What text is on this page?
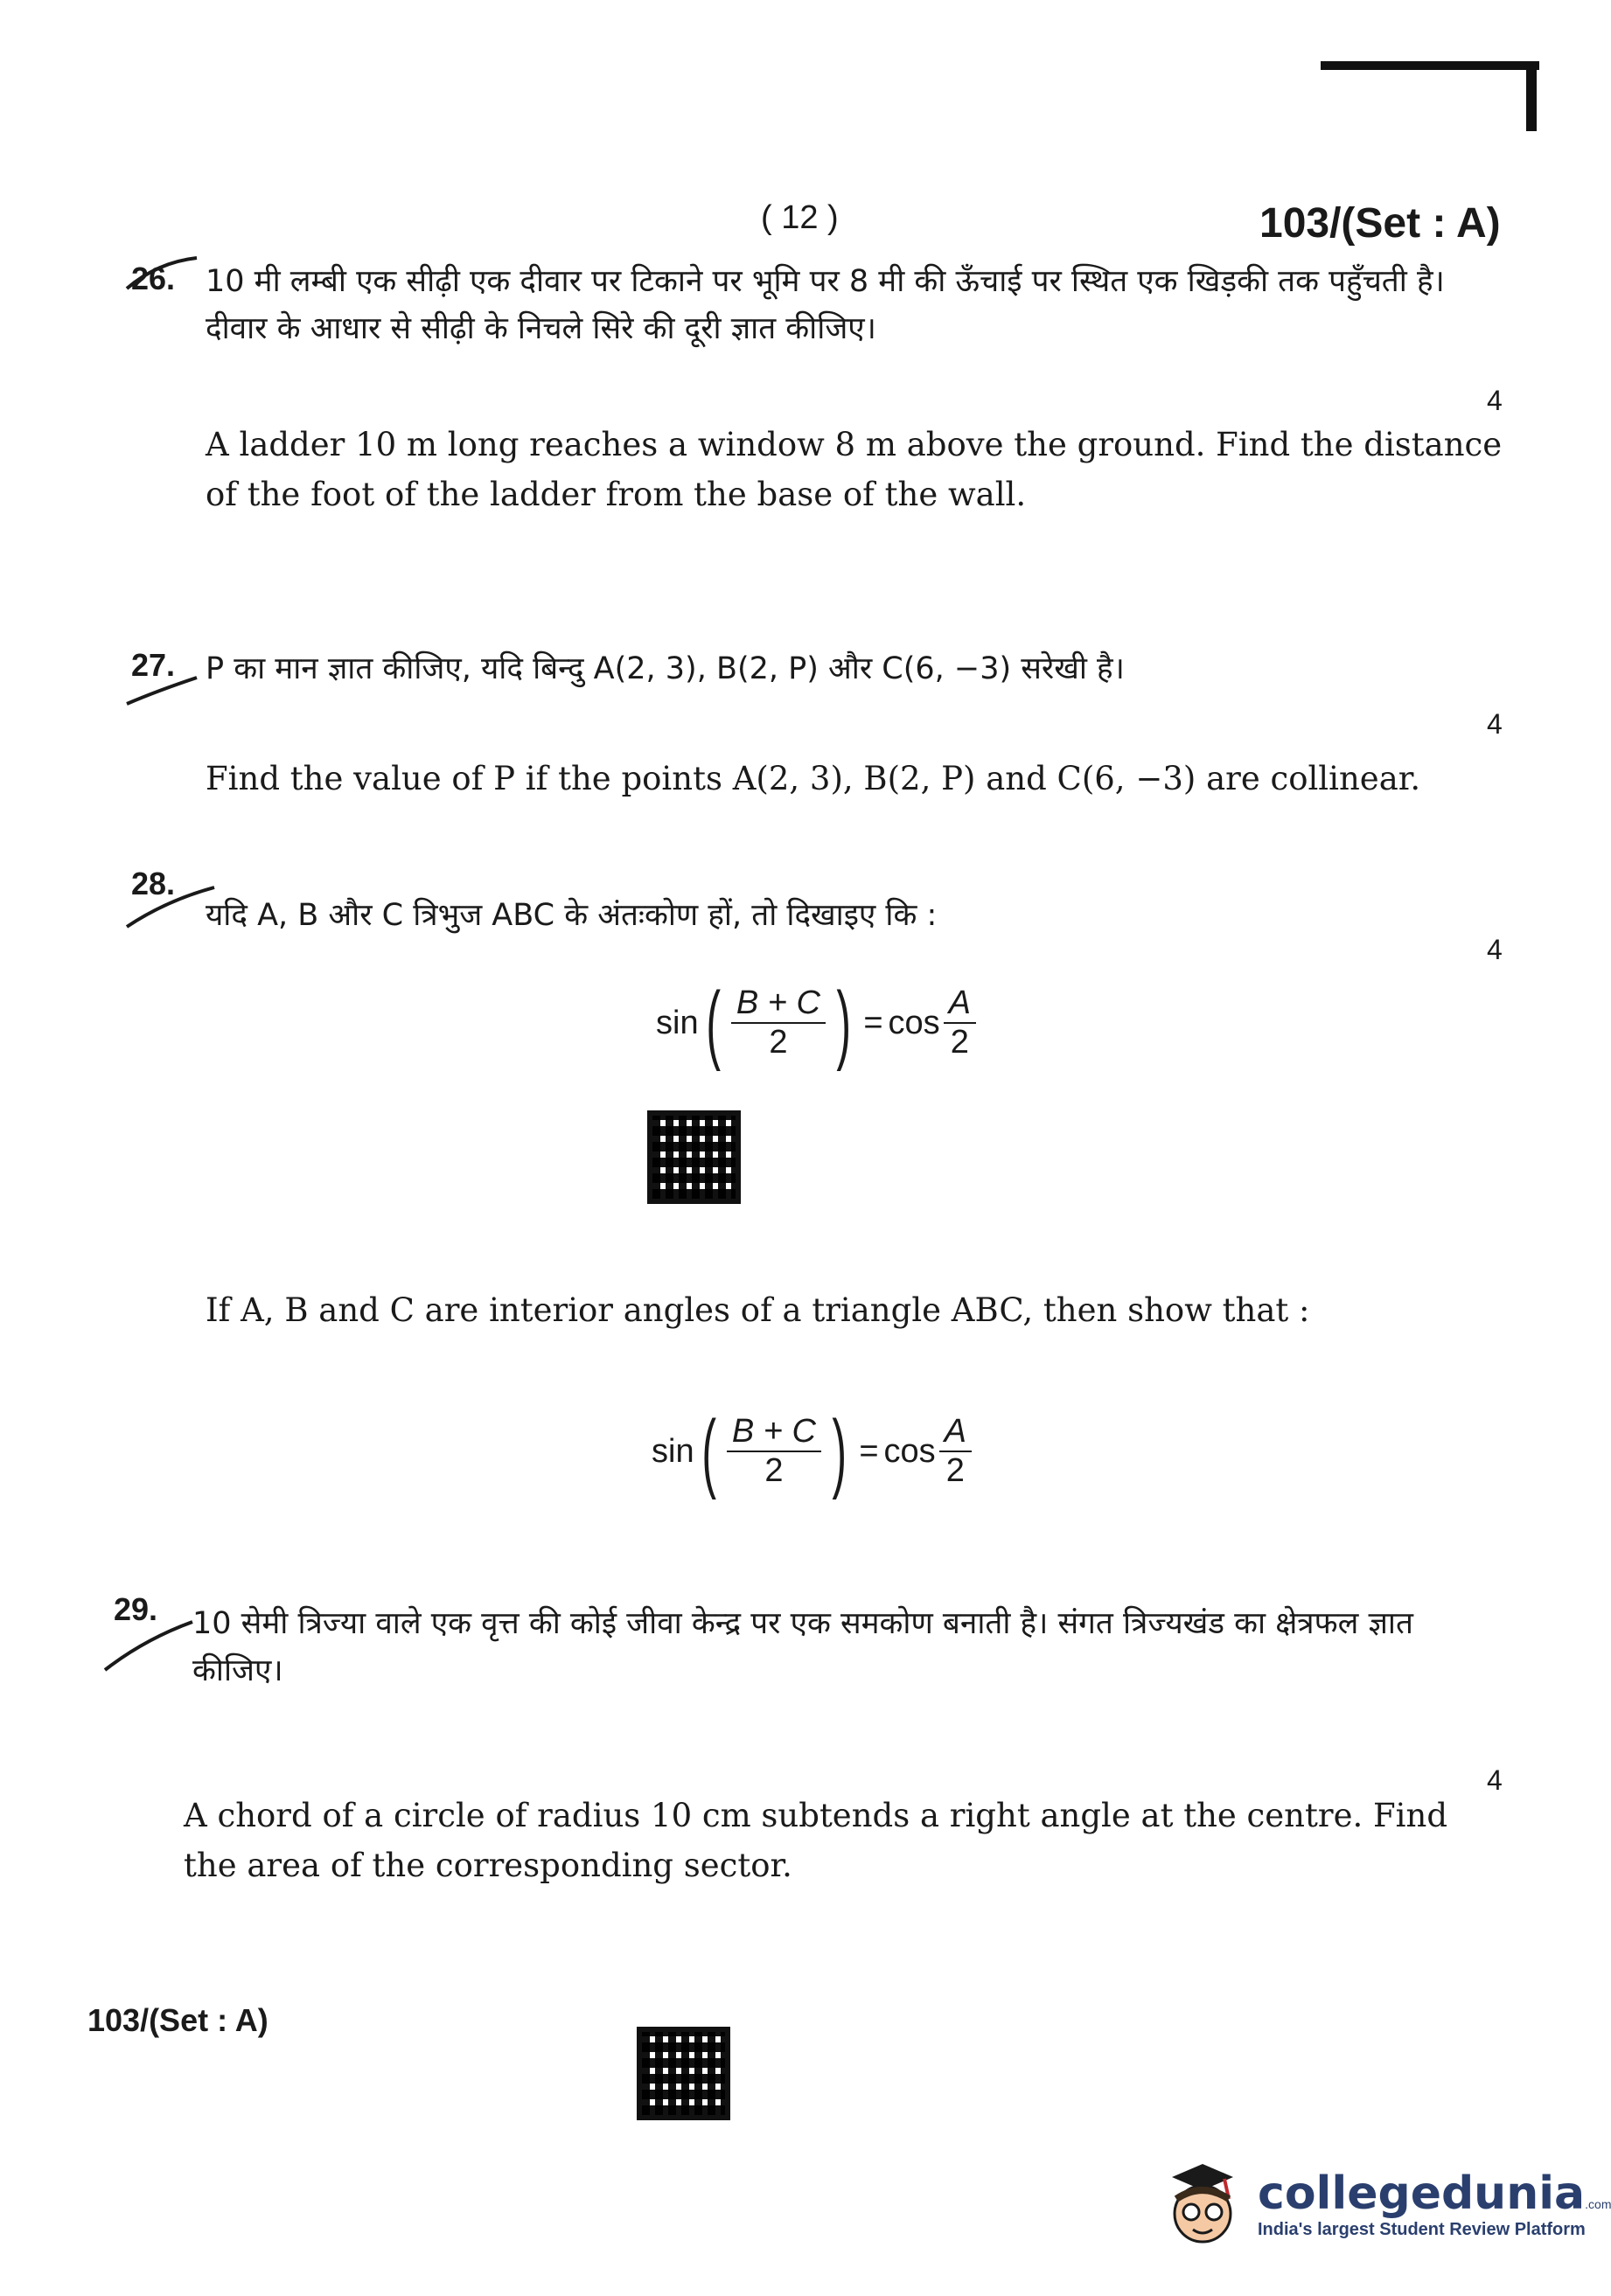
( 12 )	103/(Set : A)
26. 10 मी लम्बी एक सीढ़ी एक दीवार पर टिकाने पर भूमि पर 8 मी की ऊँचाई पर स्थित एक खिड़की तक पहुँचती है। दीवार के आधार से सीढ़ी के निचले सिरे की दूरी ज्ञात कीजिए।
4
A ladder 10 m long reaches a window 8 m above the ground. Find the distance of the foot of the ladder from the base of the wall.
27. P का मान ज्ञात कीजिए, यदि बिन्दु A(2, 3), B(2, P) और C(6, −3) सरेखी है।
4
Find the value of P if the points A(2, 3), B(2, P) and C(6, −3) are collinear.
28.
यदि A, B और C त्रिभुज ABC के अंतःकोण हों, तो दिखाइए कि :
4
sin ( $\frac{B + C}{2}$ ) = $\cos \frac{A}{2}$
If A, B and C are interior angles of a triangle ABC, then show that :
sin ( $\frac{B + C}{2}$ ) = $\cos \frac{A}{2}$
29. 10 सेमी त्रिज्या वाले एक वृत्त की कोई जीवा केन्द्र पर एक समकोण बनाती है। संगत त्रिज्यखंड का क्षेत्रफल ज्ञात कीजिए।
4
A chord of a circle of radius 10 cm subtends a right angle at the centre. Find the area of the corresponding sector.
103/(Set : A)
collegedunia.com
India's largest Student Review Platform
